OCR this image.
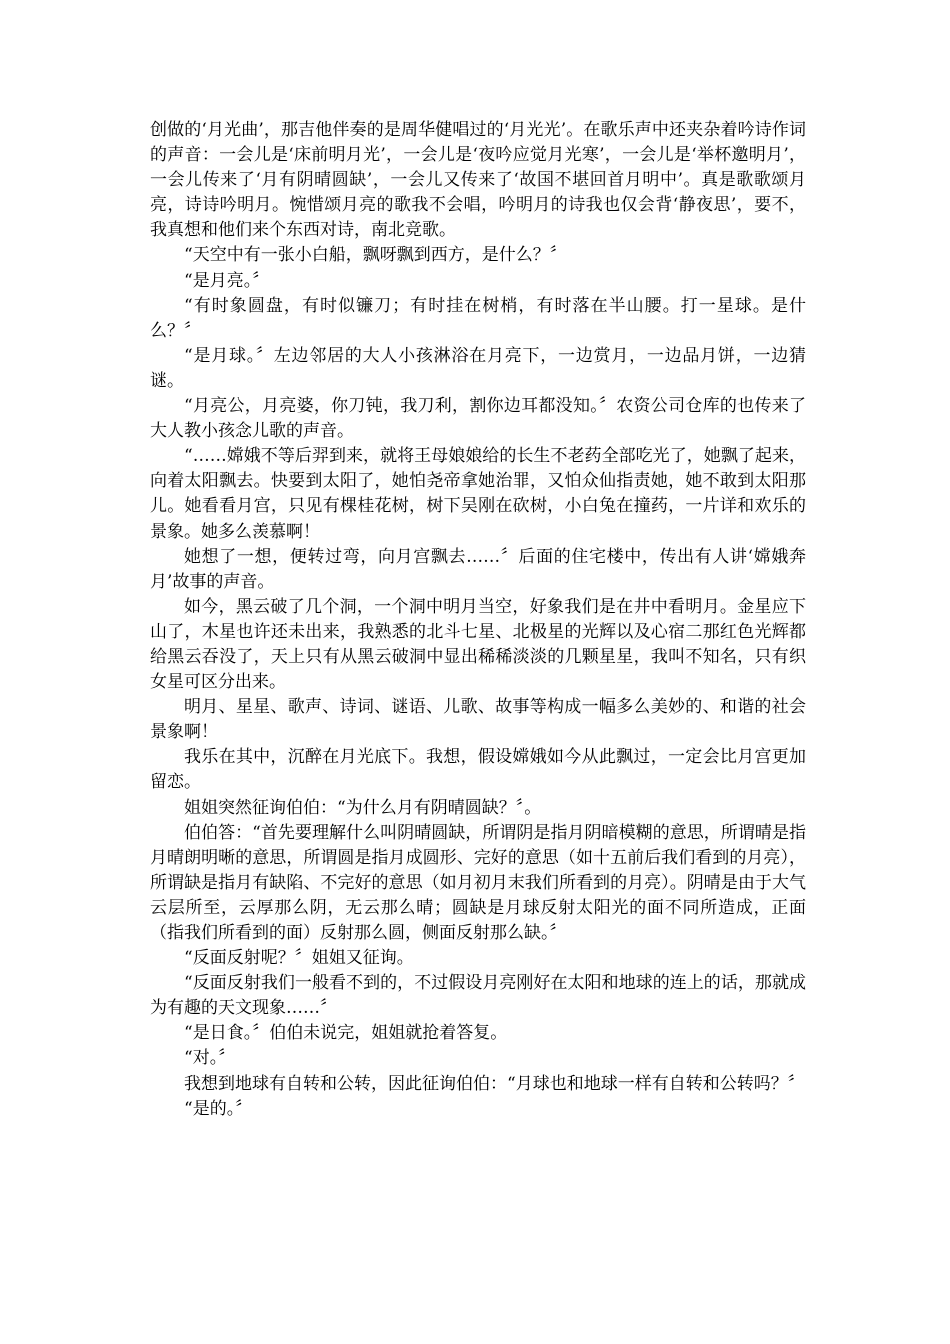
创做的‘月光曲’，那吉他伴奏的是周华健唱过的‘月光光’。在歌乐声中还夹杂着吟诗作词的声音：一会儿是‘床前明月光’，一会儿是‘夜吟应觉月光寒’，一会儿是‘举杯邀明月’，一会儿传来了‘月有阴晴圆缺’，一会儿又传来了‘故国不堪回首月明中’。真是歌歌颂月亮，诗诗吟明月。惋惜颂月亮的歌我不会唱，吟明月的诗我也仅会背‘静夜思’，要不，我真想和他们来个东西对诗，南北竞歌。

“天空中有一张小白船，飘呀飘到西方，是什么？〞

“是月亮。〞

“有时象圆盘，有时似镰刀；有时挂在树梢，有时落在半山腰。打一星球。是什么？〞

“是月球。〞左边邻居的大人小孩淋浴在月亮下，一边赏月，一边品月饼，一边猜谜。

“月亮公，月亮婆，你刀钝，我刀利，割你边耳都没知。〞农资公司仓库的也传来了大人教小孩念儿歌的声音。

“……嫦娥不等后羿到来，就将王母娘娘给的长生不老药全部吃光了，她飘了起来，向着太阳飘去。快要到太阳了，她怕尧帝拿她治罪，又怕众仙指责她，她不敢到太阳那儿。她看看月宫，只见有棵桂花树，树下吴刚在砍树，小白兔在撞药，一片详和欢乐的景象。她多么羡慕啊！

她想了一想，便转过弯，向月宫飘去……〞后面的住宅楼中，传出有人讲‘嫦娥奔月’故事的声音。

如今，黑云破了几个洞，一个洞中明月当空，好象我们是在井中看明月。金星应下山了，木星也许还未出来，我熟悉的北斗七星、北极星的光辉以及心宿二那红色光辉都给黑云吞没了，天上只有从黑云破洞中显出稀稀淡淡的几颗星星，我叫不知名，只有织女星可区分出来。

明月、星星、歌声、诗词、谜语、儿歌、故事等构成一幅多么美妙的、和谐的社会景象啊！

我乐在其中，沉醉在月光底下。我想，假设嫦娥如今从此飘过，一定会比月宫更加留恋。

姐姐突然征询伯伯：“为什么月有阴晴圆缺？〞。

伯伯答：“首先要理解什么叫阴晴圆缺，所谓阴是指月阴暗模糊的意思，所谓晴是指月晴朗明晰的意思，所谓圆是指月成圆形、完好的意思（如十五前后我们看到的月亮），所谓缺是指月有缺陷、不完好的意思（如月初月末我们所看到的月亮）。阴晴是由于大气云层所至，云厚那么阴，无云那么晴；圆缺是月球反射太阳光的面不同所造成，正面（指我们所看到的面）反射那么圆，侧面反射那么缺。〞

“反面反射呢？〞姐姐又征询。

“反面反射我们一般看不到的，不过假设月亮刚好在太阳和地球的连上的话，那就成为有趣的天文现象……〞

“是日食。〞伯伯未说完，姐姐就抢着答复。

“对。〞

我想到地球有自转和公转，因此征询伯伯：“月球也和地球一样有自转和公转吗？〞

“是的。〞
